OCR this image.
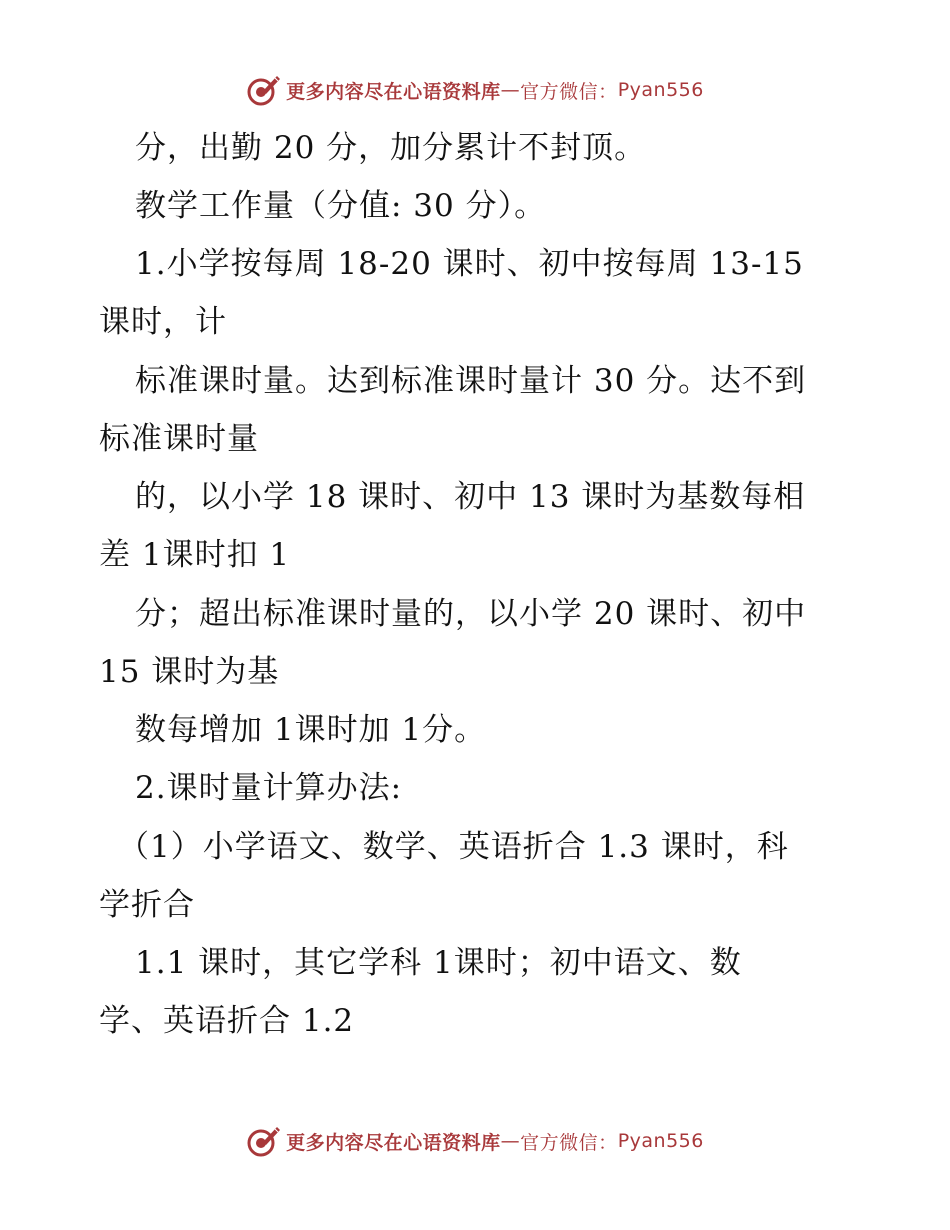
更多内容尽在心语资料库 — 官方微信： Pyan556
分，出勤 20 分，加分累计不封顶。
教学工作量（分值: 30 分）。
1.小学按每周 18-20 课时、初中按每周 13-15
课时，计
标准课时量。达到标准课时量计 30 分。达不到
标准课时量
的，以小学 18 课时、初中 13 课时为基数每相
差 1课时扣 1
分；超出标准课时量的，以小学 20 课时、初中
15 课时为基
数每增加 1课时加 1分。
2.课时量计算办法:
（1）小学语文、数学、英语折合 1.3 课时，科
学折合
1.1 课时，其它学科 1课时；初中语文、数
学、英语折合 1.2
更多内容尽在心语资料库 — 官方微信： Pyan556
